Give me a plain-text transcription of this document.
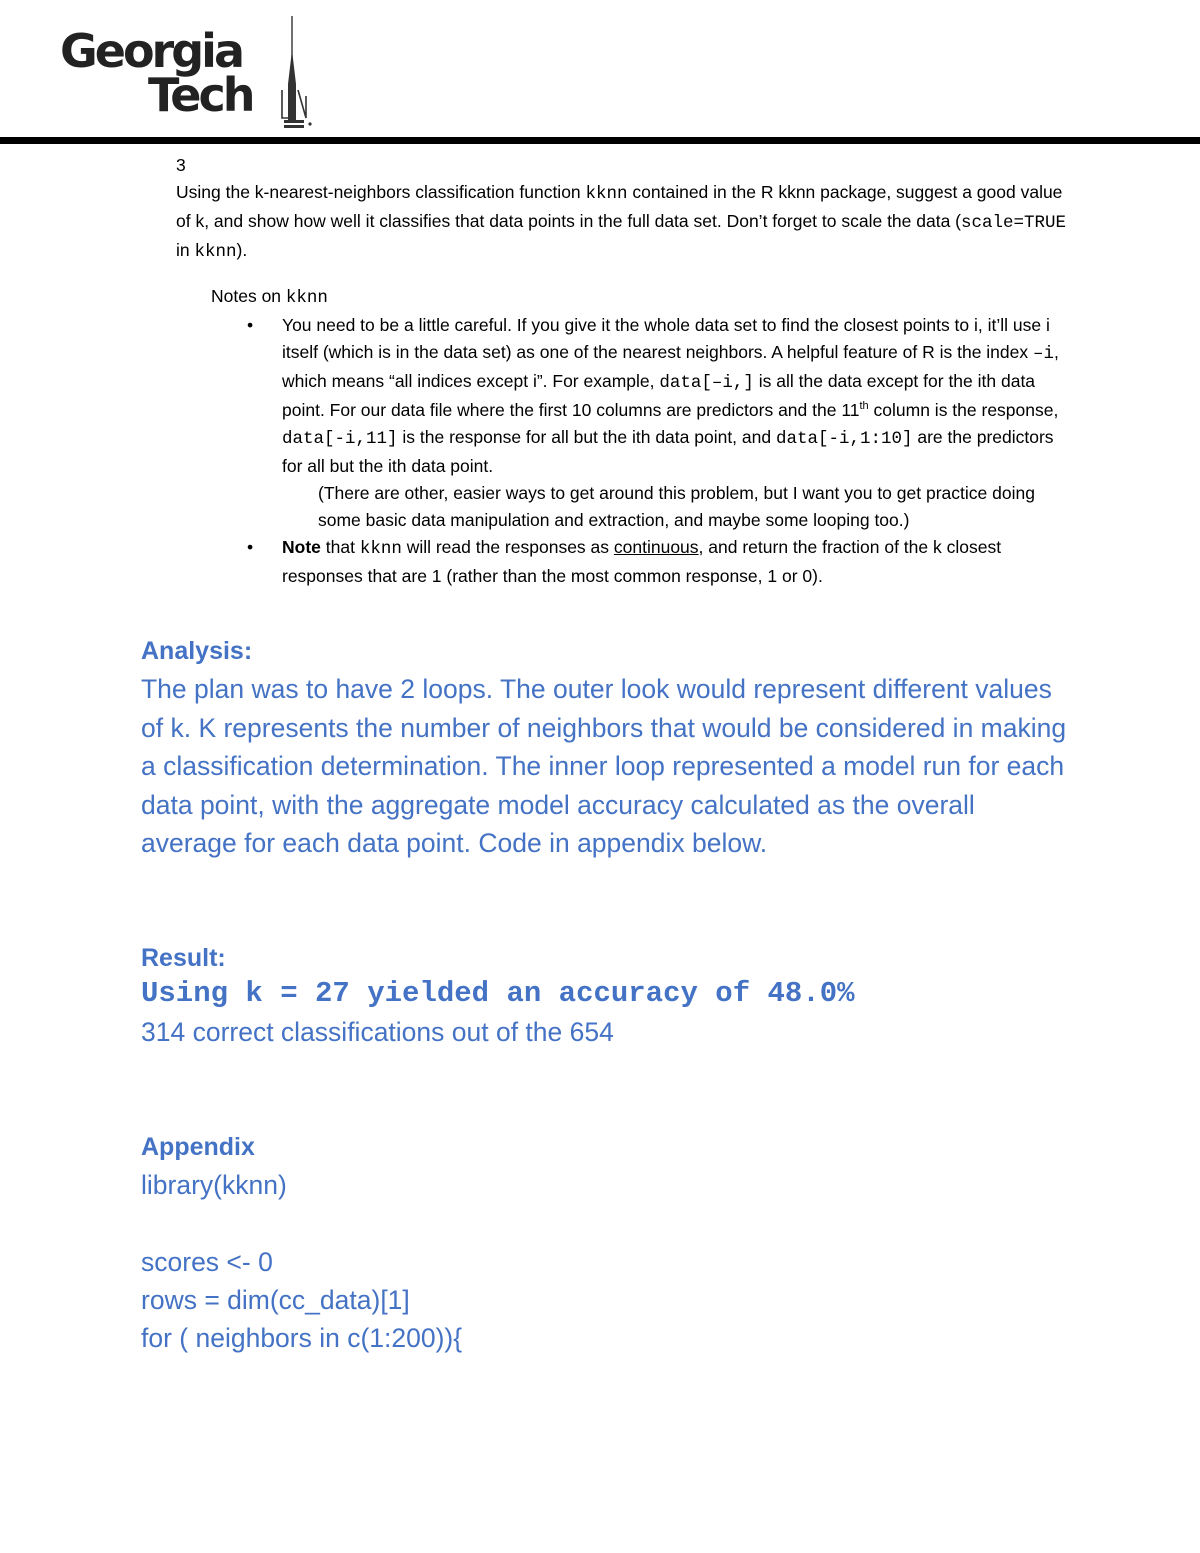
Georgia
Tech
3
Using the k-nearest-neighbors classification function kknn contained in the R kknn package, suggest a good value of k, and show how well it classifies that data points in the full data set. Don’t forget to scale the data (scale=TRUE in kknn).
Notes on kknn
• You need to be a little careful. If you give it the whole data set to find the closest points to i, it’ll use i itself (which is in the data set) as one of the nearest neighbors. A helpful feature of R is the index –i, which means “all indices except i”. For example, data[–i,] is all the data except for the ith data point. For our data file where the first 10 columns are predictors and the 11th column is the response, data[-i,11] is the response for all but the ith data point, and data[-i,1:10] are the predictors for all but the ith data point.
(There are other, easier ways to get around this problem, but I want you to get practice doing some basic data manipulation and extraction, and maybe some looping too.)
• Note that kknn will read the responses as continuous, and return the fraction of the k closest responses that are 1 (rather than the most common response, 1 or 0).
Analysis:
The plan was to have 2 loops. The outer look would represent different values of k. K represents the number of neighbors that would be considered in making a classification determination. The inner loop represented a model run for each data point, with the aggregate model accuracy calculated as the overall average for each data point. Code in appendix below.
Result:
Using k = 27 yielded an accuracy of 48.0%
314 correct classifications out of the 654
Appendix
library(kknn)
scores <- 0
rows = dim(cc_data)[1]
for ( neighbors in c(1:200)){
